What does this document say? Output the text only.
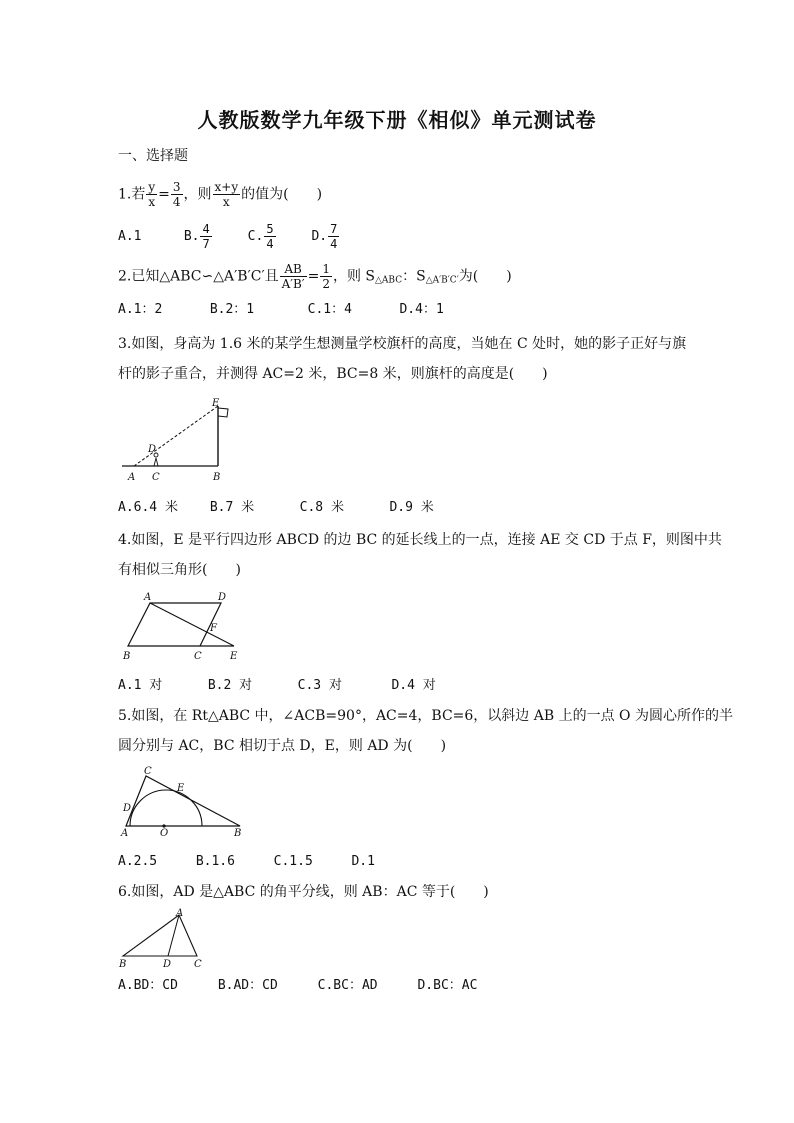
人教版数学九年级下册《相似》单元测试卷
一、选择题
1.若 $\frac{y}{x} = \frac{3}{4}$ ，则 $\frac{x+y}{x}$ 的值为(　　)
A.1	B. $\frac{4}{7}$	C. $\frac{5}{4}$	D. $\frac{7}{4}$
2.已知△ABC∽△A′B′C′且 $\frac{AB}{A'B'} = \frac{1}{2}$ ，则 $S_{\triangle ABC}$：$S_{\triangle A'B'C'}$为(　　)
A.1：2	B.2：1	C.1：4	D.4：1
3.如图，身高为 1.6 米的某学生想测量学校旗杆的高度，当她在 C 处时，她的影子正好与旗
杆的影子重合，并测得 AC=2 米，BC=8 米，则旗杆的高度是(　　)
A C
D
E
B
A.6.4 米 B.7 米	C.8 米	D.9 米
4.如图，E 是平行四边形 ABCD 的边 BC 的延长线上的一点，连接 AE 交 CD 于点 F，则图中共
有相似三角形(　　)
A	D
F
B	C	E
A.1 对	B.2 对	C.3 对	D.4 对
5.如图，在 Rt△ABC 中，∠ACB=90°，AC=4，BC=6，以斜边 AB 上的一点 O 为圆心所作的半
圆分别与 AC，BC 相切于点 D，E，则 AD 为(　　)
C
E
D
A	O	B
A.2.5	B.1.6	C.1.5	D.1
6.如图，AD 是△ABC 的角平分线，则 AB：AC 等于(　　)
A
B	D C
A.BD：CD	B.AD：CD	C.BC：AD	D.BC：AC
